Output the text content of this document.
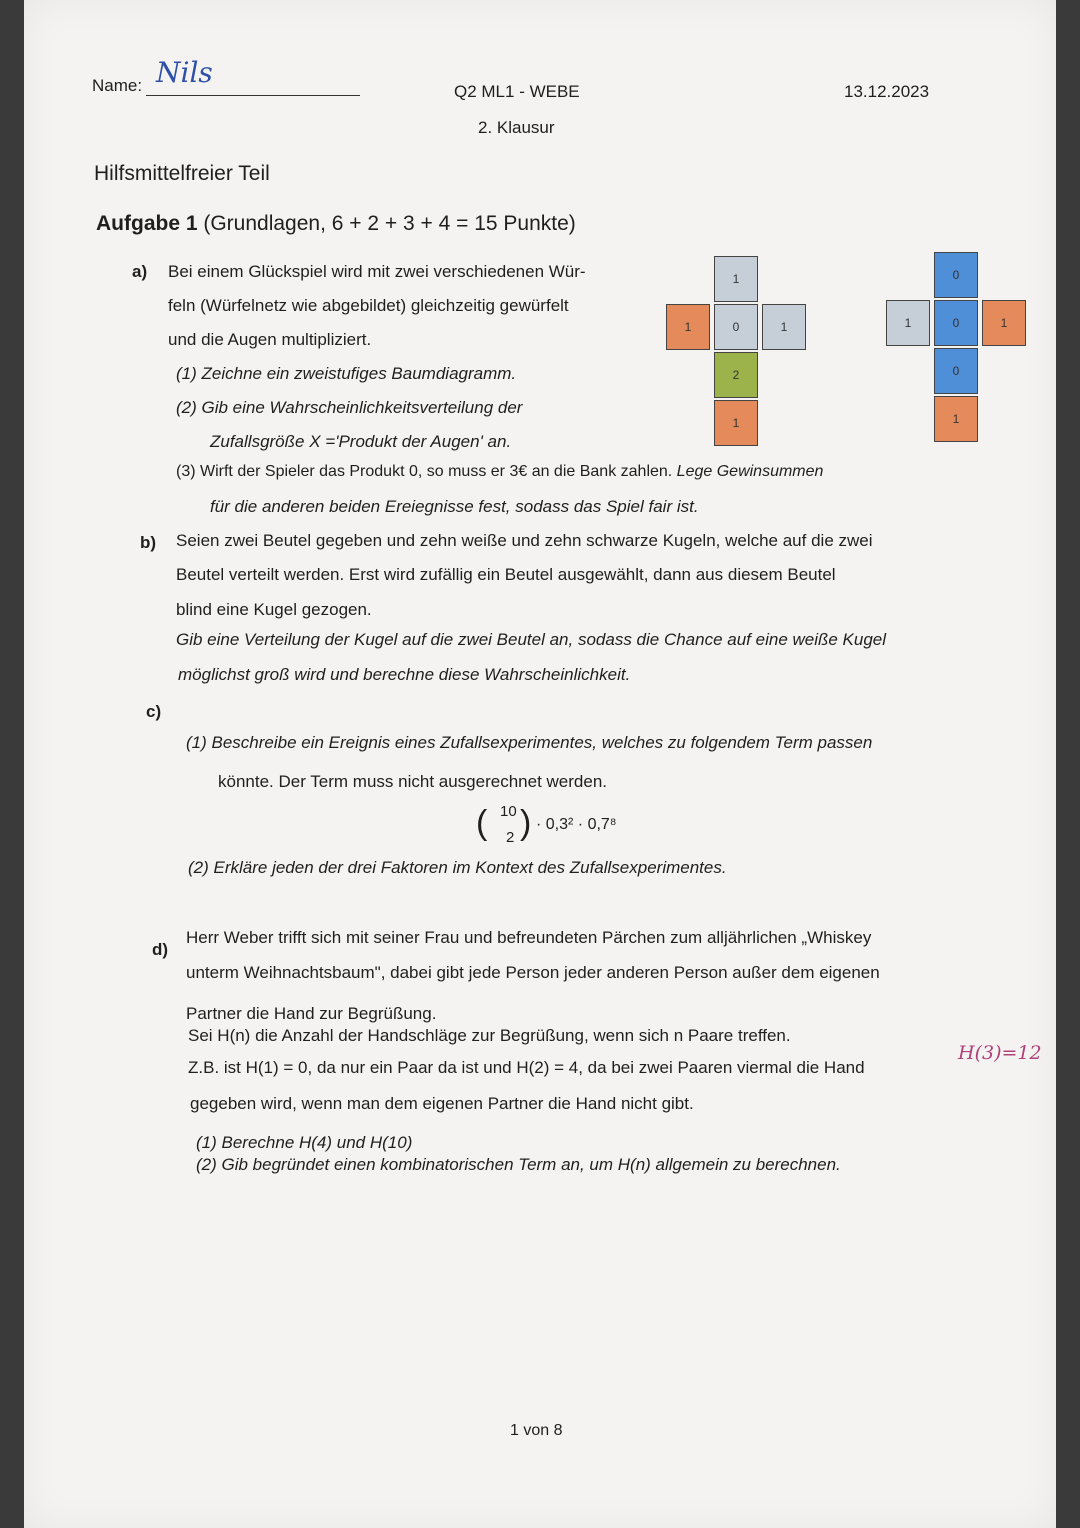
Name: Nils
Q2 ML1 - WEBE
2. Klausur
13.12.2023
Hilfsmittelfreier Teil
Aufgabe 1 (Grundlagen, 6 + 2 + 3 + 4 = 15 Punkte)
a) Bei einem Glückspiel wird mit zwei verschiedenen Wür-
feln (Würfelnetz wie abgebildet) gleichzeitig gewürfelt
und die Augen multipliziert.
(1) Zeichne ein zweistufiges Baumdiagramm.
(2) Gib eine Wahrscheinlichkeitsverteilung der
Zufallsgröße X ='Produkt der Augen' an.
(3) Wirft der Spieler das Produkt 0, so muss er 3€ an die Bank zahlen. Lege Gewinsummen
für die anderen beiden Ereiegnisse fest, sodass das Spiel fair ist.
1
1	0	1
2
1
0
1	0	1
0
1
b) Seien zwei Beutel gegeben und zehn weiße und zehn schwarze Kugeln, welche auf die zwei
Beutel verteilt werden. Erst wird zufällig ein Beutel ausgewählt, dann aus diesem Beutel
blind eine Kugel gezogen.
Gib eine Verteilung der Kugel auf die zwei Beutel an, sodass die Chance auf eine weiße Kugel
möglichst groß wird und berechne diese Wahrscheinlichkeit.
c)
(1) Beschreibe ein Ereignis eines Zufallsexperimentes, welches zu folgendem Term passen
könnte. Der Term muss nicht ausgerechnet werden.
( 10
2 ) · 0,3² · 0,7⁸
(2) Erkläre jeden der drei Faktoren im Kontext des Zufallsexperimentes.
d)
Herr Weber trifft sich mit seiner Frau und befreundeten Pärchen zum alljährlichen „Whiskey
unterm Weihnachtsbaum", dabei gibt jede Person jeder anderen Person außer dem eigenen
Partner die Hand zur Begrüßung.
Sei H(n) die Anzahl der Handschläge zur Begrüßung, wenn sich n Paare treffen.
Z.B. ist H(1) = 0, da nur ein Paar da ist und H(2) = 4, da bei zwei Paaren viermal die Hand
gegeben wird, wenn man dem eigenen Partner die Hand nicht gibt.
(1) Berechne H(4) und H(10)
(2) Gib begründet einen kombinatorischen Term an, um H(n) allgemein zu berechnen.
H(3)=12
1 von 8
